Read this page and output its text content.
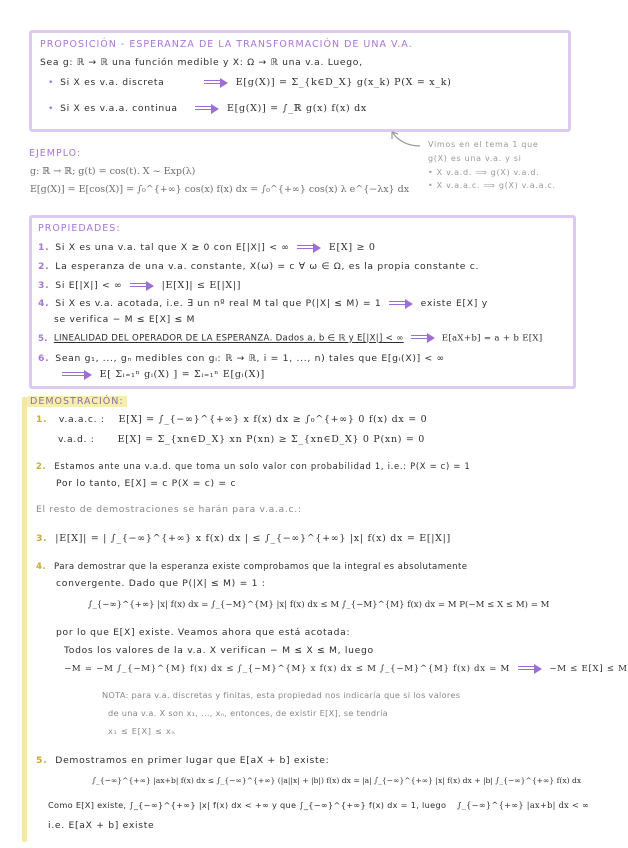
PROPOSICIÓN - ESPERANZA DE LA TRANSFORMACIÓN DE UNA V.A.
Sea g: ℝ → ℝ una función medible y X: Ω → ℝ una v.a. Luego,
• Si X es v.a. discreta	E[g(X)] = Σ_{k∈D_X} g(x_k) P(X = x_k)
• Si X es v.a.a. continua	E[g(X)] = ∫_ℝ g(x) f(x) dx
Vimos en el tema 1 que
g(X) es una v.a. y si
• X v.a.d. ⟹ g(X) v.a.d.
• X v.a.a.c. ⟹ g(X) v.a.a.c.
EJEMPLO:
g: ℝ → ℝ; g(t) = cos(t). X ~ Exp(λ)
E[g(X)] = E[cos(X)] = ∫₀^{+∞} cos(x) f(x) dx = ∫₀^{+∞} cos(x) λ e^{−λx} dx
PROPIEDADES:
1. Si X es una v.a. tal que X ≥ 0 con E[|X|] < ∞	E[X] ≥ 0
2. La esperanza de una v.a. constante, X(ω) = c ∀ ω ∈ Ω, es la propia constante c.
3. Si E[|X|] < ∞	|E[X]| ≤ E[|X|]
4. Si X es v.a. acotada, i.e. ∃ un nº real M tal que P(|X| ≤ M) = 1	existe E[X] y
se verifica − M ≤ E[X] ≤ M
5. LINEALIDAD DEL OPERADOR DE LA ESPERANZA. Dados a, b ∈ ℝ y E[|X|] < ∞	E[aX+b] = a + b E[X]
6. Sean g₁, ..., gₙ medibles con gᵢ: ℝ → ℝ, i = 1, ..., n) tales que E[gᵢ(X)] < ∞
E[ Σᵢ₌₁ⁿ gᵢ(X) ] = Σᵢ₌₁ⁿ E[gᵢ(X)]
DEMOSTRACIÓN:
1. v.a.a.c. : E[X] = ∫_{−∞}^{+∞} x f(x) dx ≥ ∫₀^{+∞} 0 f(x) dx = 0
v.a.d. : E[X] = Σ_{xn∈D_X} xn P(xn) ≥ Σ_{xn∈D_X} 0 P(xn) = 0
2. Estamos ante una v.a.d. que toma un solo valor con probabilidad 1, i.e.: P(X = c) = 1
Por lo tanto, E[X] = c P(X = c) = c
El resto de demostraciones se harán para v.a.a.c.:
3. |E[X]| = | ∫_{−∞}^{+∞} x f(x) dx | ≤ ∫_{−∞}^{+∞} |x| f(x) dx = E[|X|]
4. Para demostrar que la esperanza existe comprobamos que la integral es absolutamente
convergente. Dado que P(|X| ≤ M) = 1 :
∫_{−∞}^{+∞} |x| f(x) dx = ∫_{−M}^{M} |x| f(x) dx ≤ M ∫_{−M}^{M} f(x) dx = M P(−M ≤ X ≤ M) = M
por lo que E[X] existe. Veamos ahora que está acotada:
Todos los valores de la v.a. X verifican − M ≤ X ≤ M, luego
−M = −M ∫_{−M}^{M} f(x) dx ≤ ∫_{−M}^{M} x f(x) dx ≤ M ∫_{−M}^{M} f(x) dx = M	−M ≤ E[X] ≤ M
NOTA: para v.a. discretas y finitas, esta propiedad nos indicaría que si los valores
de una v.a. X son x₁, ..., xₙ, entonces, de existir E[X], se tendría
x₁ ≤ E[X] ≤ xₙ
5. Demostramos en primer lugar que E[aX + b] existe:
∫_{−∞}^{+∞} |ax+b| f(x) dx ≤ ∫_{−∞}^{+∞} (|a||x| + |b|) f(x) dx = |a| ∫_{−∞}^{+∞} |x| f(x) dx + |b| ∫_{−∞}^{+∞} f(x) dx
Como E[X] existe, ∫_{−∞}^{+∞} |x| f(x) dx < +∞ y que ∫_{−∞}^{+∞} f(x) dx = 1, luego ∫_{−∞}^{+∞} |ax+b| dx < ∞
i.e. E[aX + b] existe
